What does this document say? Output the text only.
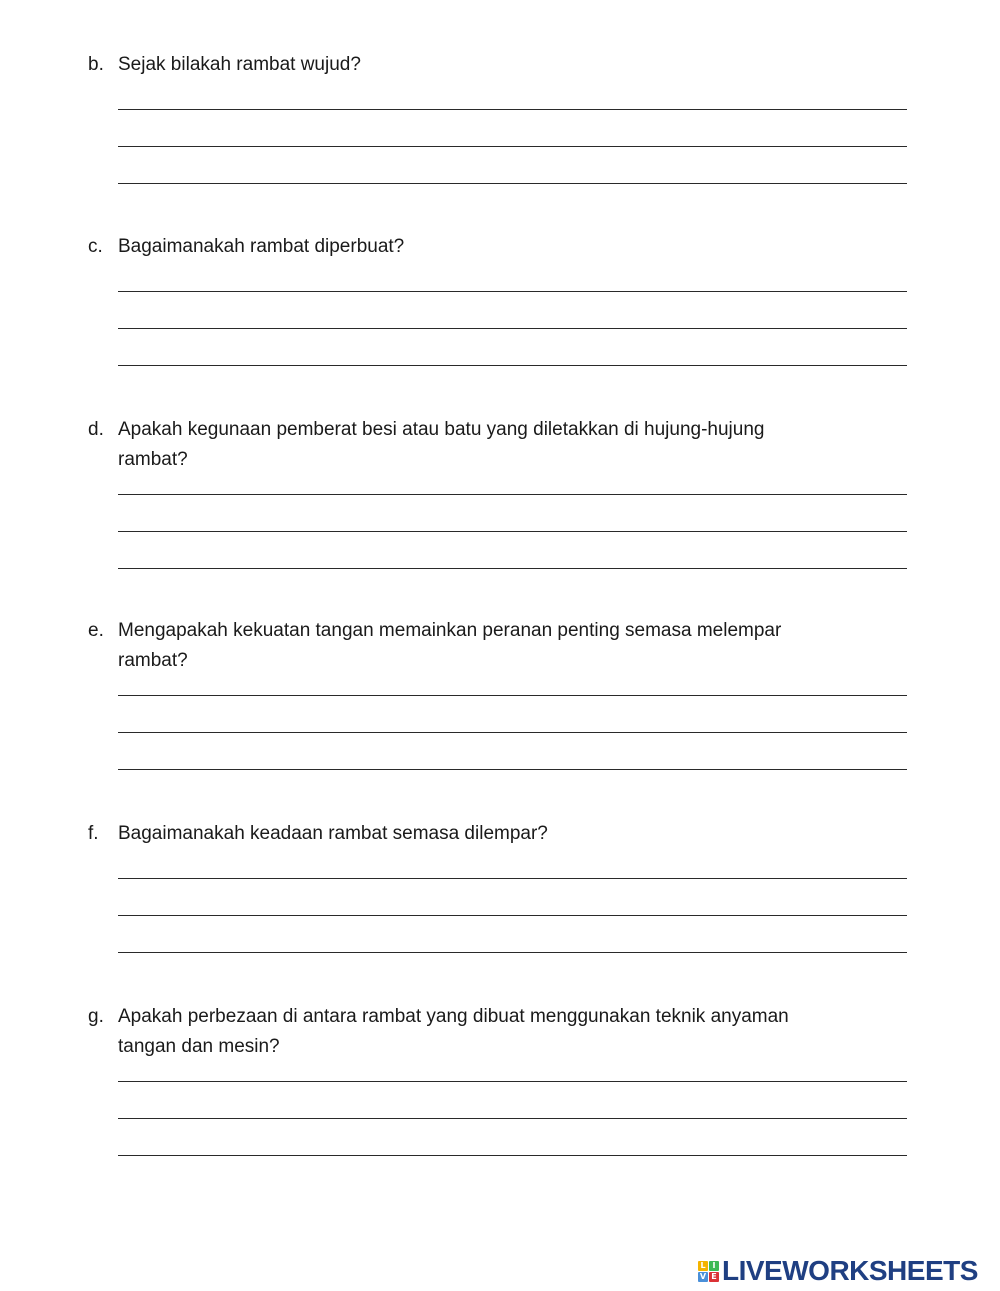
b. Sejak bilakah rambat wujud?
c. Bagaimanakah rambat diperbuat?
d. Apakah kegunaan pemberat besi atau batu yang diletakkan di hujung-hujung
rambat?
e. Mengapakah kekuatan tangan memainkan peranan penting semasa melempar
rambat?
f. Bagaimanakah keadaan rambat semasa dilempar?
g. Apakah perbezaan di antara rambat yang dibuat menggunakan teknik anyaman
tangan dan mesin?
L I
V E LIVEWORKSHEETS
